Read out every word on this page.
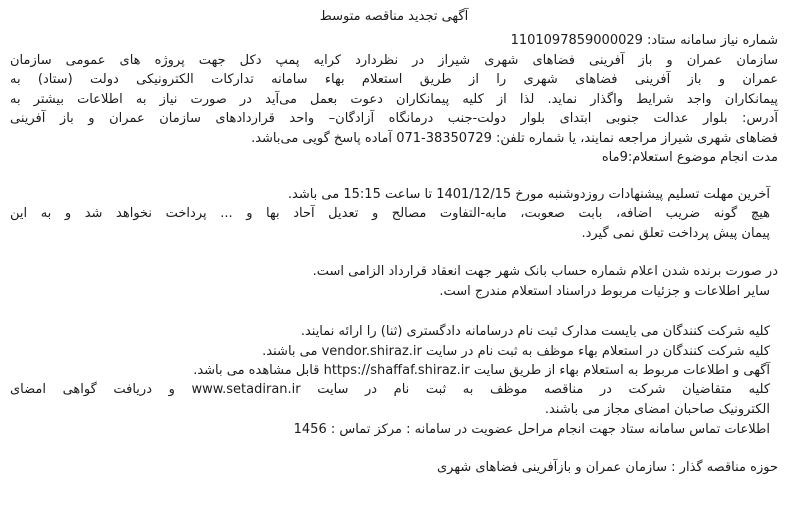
آگهی تجدید مناقصه متوسط
شماره نیاز سامانه ستاد: 1101097859000029
سازمان عمران و باز آفرینی فضاهای شهری شیراز در نظردارد کرایه پمپ دکل جهت پروژه های عمومی سازمان
عمران و باز آفرینی فضاهای شهری را از طریق استعلام بهاء سامانه تدارکات الکترونیکی دولت (ستاد) به
پیمانکاران واجد شرایط واگذار نماید. لذا از کلیه پیمانکاران دعوت بعمل می‌آید در صورت نیاز به اطلاعات بیشتر به
آدرس: بلوار عدالت جنوبی ابتدای بلوار دولت-جنب درمانگاه آزادگان– واحد قراردادهای سازمان عمران و باز آفرینی
فضاهای شهری شیراز مراجعه نمایند، یا شماره تلفن: 38350729-071 آماده پاسخ گویی می‌باشد.
مدت انجام موضوع استعلام:9ماه
آخرین مهلت تسلیم پیشنهادات روزدوشنبه مورخ 1401/12/15 تا ساعت 15:15 می باشد.
هیچ گونه ضریب اضافه، بابت صعوبت، مابه-التفاوت مصالح و تعدیل آحاد بها و ... پرداخت نخواهد شد و به این
پیمان پیش پرداخت تعلق نمی گیرد.
در صورت برنده شدن اعلام شماره حساب بانک شهر جهت انعقاد قرارداد الزامی است.
سایر اطلاعات و جزئیات مربوط دراسناد استعلام مندرج است.
کلیه شرکت کنندگان می بایست مدارک ثبت نام درسامانه دادگستری (ثنا) را ارائه نمایند.
کلیه شرکت کنندگان در استعلام بهاء موظف به ثبت نام در سایت vendor.shiraz.ir می باشند.
آگهی و اطلاعات مربوط به استعلام بهاء از طریق سایت https://shaffaf.shiraz.ir قابل مشاهده می باشد.
کلیه متقاضیان شرکت در مناقصه موظف به ثبت نام در سایت www.setadiran.ir و دریافت گواهی امضای
الکترونیک صاحبان امضای مجاز می باشند.
اطلاعات تماس سامانه ستاد جهت انجام مراحل عضویت در سامانه : مرکز تماس : 1456
حوزه مناقصه گذار : سازمان عمران و بازآفرینی فضاهای شهری
